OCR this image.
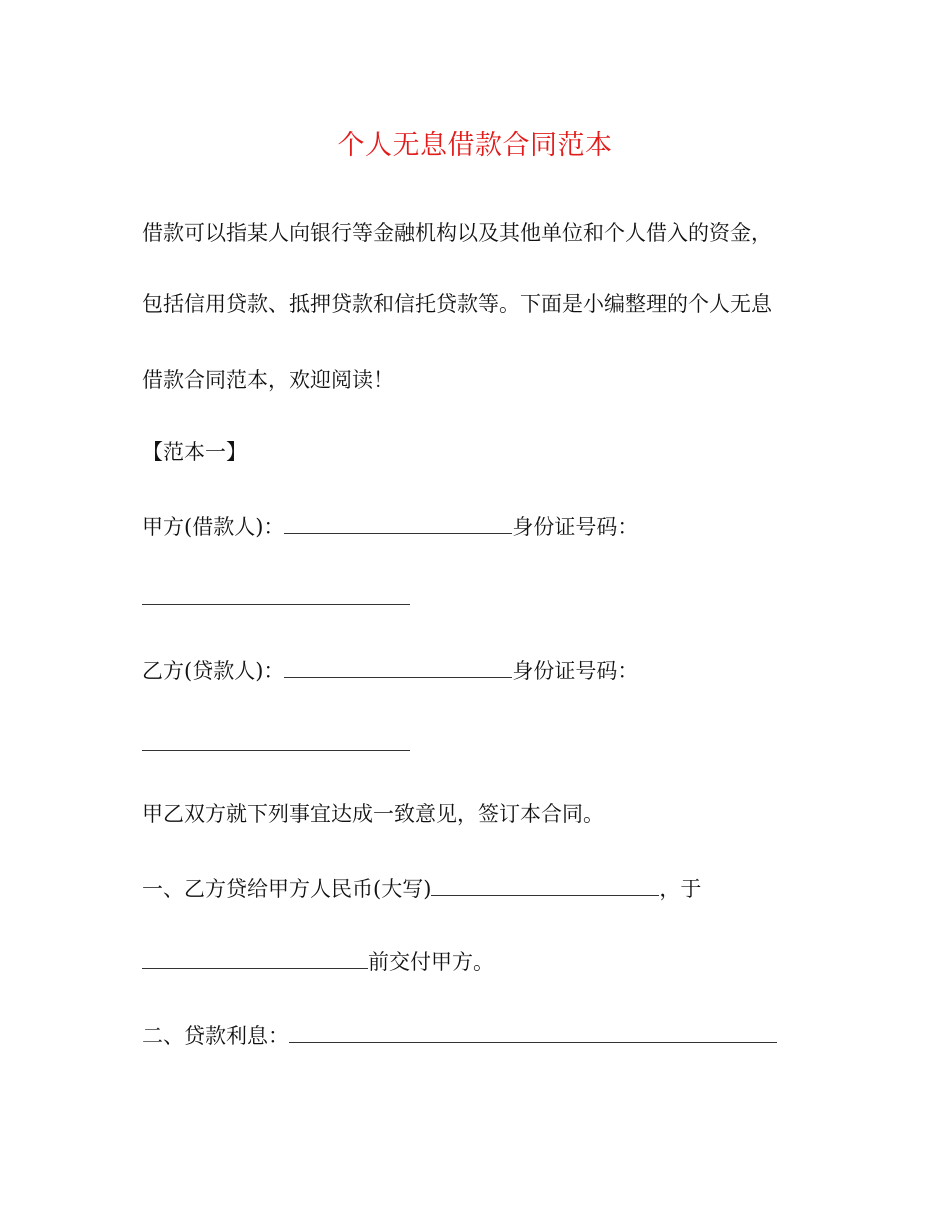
个人无息借款合同范本
借款可以指某人向银行等金融机构以及其他单位和个人借入的资金，
包括信用贷款、抵押贷款和信托贷款等。下面是小编整理的个人无息
借款合同范本，欢迎阅读！
【范本一】
甲方(借款人)：	身份证号码：
乙方(贷款人)：	身份证号码：
甲乙双方就下列事宜达成一致意见，签订本合同。
一、乙方贷给甲方人民币(大写)	，于
前交付甲方。
二、贷款利息：
